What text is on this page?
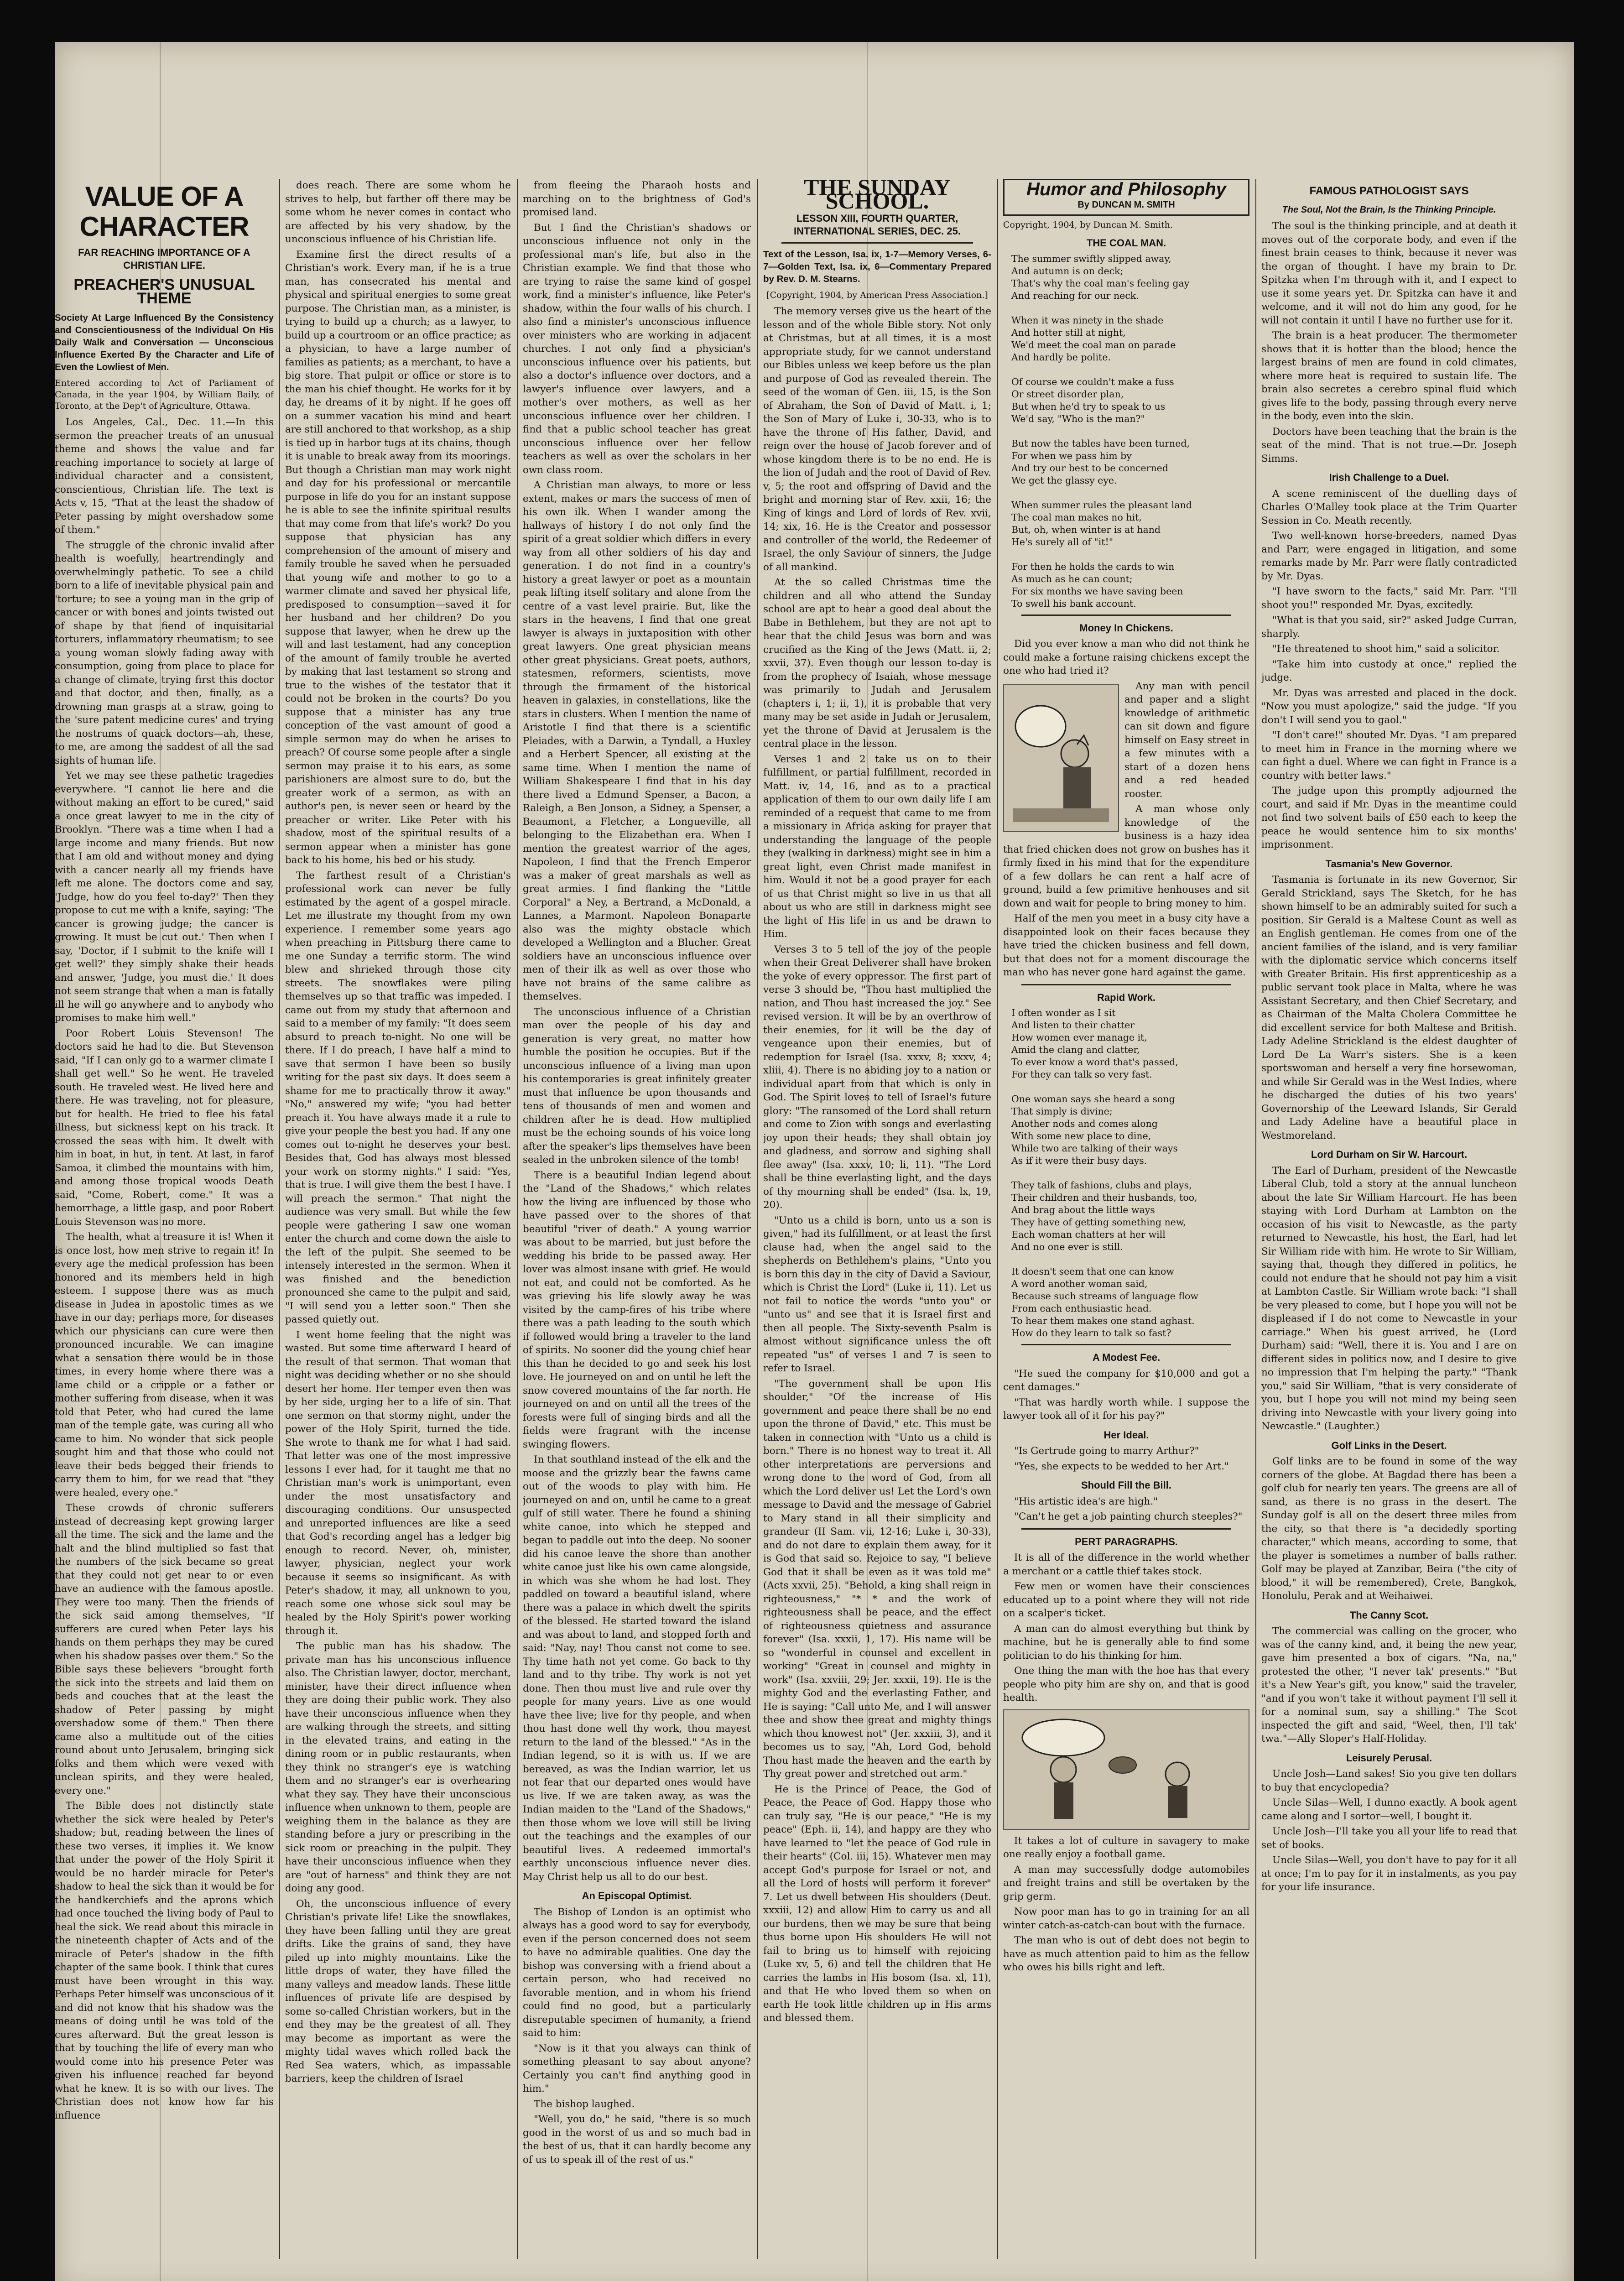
VALUE OF A CHARACTER
FAR REACHING IMPORTANCE OF A CHRISTIAN LIFE.
PREACHER'S UNUSUAL THEME
Society At Large Influenced By the Consistency and Conscientiousness of the Individual On His Daily Walk and Conversation — Unconscious Influence Exerted By the Character and Life of Even the Lowliest of Men.
Entered according to Act of Parliament of Canada, in the year 1904, by William Baily, of Toronto, at the Dep't of Agriculture, Ottawa.

Los Angeles, Cal., Dec. 11.—In this sermon the preacher treats of an unusual theme and shows the value and far reaching importance to society at large of individual character and a consistent, conscientious, Christian life. The text is Acts v, 15, "That at the least the shadow of Peter passing by might overshadow some of them."

The struggle of the chronic invalid after health is woefully, heartrendingly and overwhelmingly pathetic. To see a child born to a life of inevitable physical pain and 'torture; to see a young man in the grip of cancer or with bones and joints twisted out of shape by that fiend of inquisitarial torturers, inflammatory rheumatism; to see a young woman slowly fading away with consumption, going from place to place for a change of climate, trying first this doctor and that doctor, and then, finally, as a drowning man grasps at a straw, going to the 'sure patent medicine cures' and trying the nostrums of quack doctors—ah, these, to me, are among the saddest of all the sad sights of human life.

Yet we may see these pathetic tragedies everywhere. "I cannot lie here and die without making an effort to be cured," said a once great lawyer to me in the city of Brooklyn. "There was a time when I had a large income and many friends. But now that I am old and without money and dying with a cancer nearly all my friends have left me alone. The doctors come and say, 'Judge, how do you feel to-day?' Then they propose to cut me with a knife, saying: 'The cancer is growing judge; the cancer is growing. It must be cut out.' Then when I say, 'Doctor, if I submit to the knife will I get well?' they simply shake their heads and answer, 'Judge, you must die.' It does not seem strange that when a man is fatally ill he will go anywhere and to anybody who promises to make him well."

Poor Robert Louis Stevenson! The doctors said he had to die. But Stevenson said, "If I can only go to a warmer climate I shall get well." So he went. He traveled south. He traveled west. He lived here and there. He was traveling, not for pleasure, but for health. He tried to flee his fatal illness, but sickness kept on his track. It crossed the seas with him. It dwelt with him in boat, in hut, in tent. At last, in farof Samoa, it climbed the mountains with him, and among those tropical woods Death said, "Come, Robert, come." It was a hemorrhage, a little gasp, and poor Robert Louis Stevenson was no more.

The health, what a treasure it is! When it is once lost, how men strive to regain it! In every age the medical profession has been honored and its members held in high esteem. I suppose there was as much disease in Judea in apostolic times as we have in our day; perhaps more, for diseases which our physicians can cure were then pronounced incurable. We can imagine what a sensation there would be in those times, in every home where there was a lame child or a cripple or a father or mother suffering from disease, when it was told that Peter, who had cured the lame man of the temple gate, was curing all who came to him. No wonder that sick people sought him and that those who could not leave their beds begged their friends to carry them to him, for we read that "they were healed, every one."

These crowds of chronic sufferers instead of decreasing kept growing larger all the time. The sick and the lame and the halt and the blind multiplied so fast that the numbers of the sick became so great that they could not get near to or even have an audience with the famous apostle. They were too many. Then the friends of the sick said among themselves, "If sufferers are cured when Peter lays his hands on them perhaps they may be cured when his shadow passes over them." So the Bible says these believers "brought forth the sick into the streets and laid them on beds and couches that at the least the shadow of Peter passing by might overshadow some of them." Then there came also a multitude out of the cities round about unto Jerusalem, bringing sick folks and them which were vexed with unclean spirits, and they were healed, every one."

The Bible does not distinctly state whether the sick were healed by Peter's shadow; but, reading between the lines of these two verses, it implies it. We know that under the power of the Holy Spirit it would be no harder miracle for Peter's shadow to heal the sick than it would be for the handkerchiefs and the aprons which had once touched the living body of Paul to heal the sick. We read about this miracle in the nineteenth chapter of Acts and of the miracle of Peter's shadow in the fifth chapter of the same book. I think that cures must have been wrought in this way. Perhaps Peter himself was unconscious of it and did not know that his shadow was the means of doing until he was told of the cures afterward. But the great lesson is that by touching the life of every man who would come into his presence Peter was given his influence reached far beyond what he knew. It is so with our lives. The Christian does not know how far his influence

does reach. There are some whom he strives to help, but farther off there may be some whom he never comes in contact who are affected by his very shadow, by the unconscious influence of his Christian life.

Examine first the direct results of a Christian's work. Every man, if he is a true man, has consecrated his mental and physical and spiritual energies to some great purpose. The Christian man, as a minister, is trying to build up a church; as a lawyer, to build up a courtroom or an office practice; as a physician, to have a large number of families as patients; as a merchant, to have a big store. That pulpit or office or store is to the man his chief thought. He works for it by day, he dreams of it by night. If he goes off on a summer vacation his mind and heart are still anchored to that workshop, as a ship is tied up in harbor tugs at its chains, though it is unable to break away from its moorings. But though a Christian man may work night and day for his professional or mercantile purpose in life do you for an instant suppose he is able to see the infinite spiritual results that may come from that life's work? Do you suppose that physician has any comprehension of the amount of misery and family trouble he saved when he persuaded that young wife and mother to go to a warmer climate and saved her physical life, predisposed to consumption—saved it for her husband and her children? Do you suppose that lawyer, when he drew up the will and last testament, had any conception of the amount of family trouble he averted by making that last testament so strong and true to the wishes of the testator that it could not be broken in the courts? Do you suppose that a minister has any true conception of the vast amount of good a simple sermon may do when he arises to preach? Of course some people after a single sermon may praise it to his ears, as some parishioners are almost sure to do, but the greater work of a sermon, as with an author's pen, is never seen or heard by the preacher or writer. Like Peter with his shadow, most of the spiritual results of a sermon appear when a minister has gone back to his home, his bed or his study.

The farthest result of a Christian's professional work can never be fully estimated by the agent of a gospel miracle. Let me illustrate my thought from my own experience. I remember some years ago when preaching in Pittsburg there came to me one Sunday a terrific storm. The wind blew and shrieked through those city streets. The snowflakes were piling themselves up so that traffic was impeded. I came out from my study that afternoon and said to a member of my family: "It does seem absurd to preach to-night. No one will be there. If I do preach, I have half a mind to save that sermon I have been so busily writing for the past six days. It does seem a shame for me to practically throw it away." "No," answered my wife; "you had better preach it. You have always made it a rule to give your people the best you had. If any one comes out to-night he deserves your best. Besides that, God has always most blessed your work on stormy nights." I said: "Yes, that is true. I will give them the best I have. I will preach the sermon." That night the audience was very small. But while the few people were gathering I saw one woman enter the church and come down the aisle to the left of the pulpit. She seemed to be intensely interested in the sermon. When it was finished and the benediction pronounced she came to the pulpit and said, "I will send you a letter soon." Then she passed quietly out.

I went home feeling that the night was wasted. But some time afterward I heard of the result of that sermon. That woman that night was deciding whether or no she should desert her home. Her temper even then was by her side, urging her to a life of sin. That one sermon on that stormy night, under the power of the Holy Spirit, turned the tide. She wrote to thank me for what I had said. That letter was one of the most impressive lessons I ever had, for it taught me that no Christian man's work is unimportant, even under the most unsatisfactory and discouraging conditions. Our unsuspected and unreported influences are like a seed that God's recording angel has a ledger big enough to record. Never, oh, minister, lawyer, physician, neglect your work because it seems so insignificant. As with Peter's shadow, it may, all unknown to you, reach some one whose sick soul may be healed by the Holy Spirit's power working through it.

The public man has his shadow. The private man has his unconscious influence also. The Christian lawyer, doctor, merchant, minister, have their direct influence when they are doing their public work. They also have their unconscious influence when they are walking through the streets, and sitting in the elevated trains, and eating in the dining room or in public restaurants, when they think no stranger's eye is watching them and no stranger's ear is overhearing what they say. They have their unconscious influence when unknown to them, people are weighing them in the balance as they are standing before a jury or prescribing in the sick room or preaching in the pulpit. They have their unconscious influence when they are "out of harness" and think they are not doing any good.

Oh, the unconscious influence of every Christian's private life! Like the snowflakes, they have been falling until they are great drifts. Like the grains of sand, they have piled up into mighty mountains. Like the little drops of water, they have filled the many valleys and meadow lands. These little influences of private life are despised by some so-called Christian workers, but in the end they may be the greatest of all. They may become as important as were the mighty tidal waves which rolled back the Red Sea waters, which, as impassable barriers, keep the children of Israel

from fleeing the Pharaoh hosts and marching on to the brightness of God's promised land.

But I find the Christian's shadows or unconscious influence not only in the professional man's life, but also in the Christian example. We find that those who are trying to raise the same kind of gospel work, find a minister's influence, like Peter's shadow, within the four walls of his church. I also find a minister's unconscious influence over ministers who are working in adjacent churches. I not only find a physician's unconscious influence over his patients, but also a doctor's influence over doctors, and a lawyer's influence over lawyers, and a mother's over mothers, as well as her unconscious influence over her children. I find that a public school teacher has great unconscious influence over her fellow teachers as well as over the scholars in her own class room.

A Christian man always, to more or less extent, makes or mars the success of men of his own ilk. When I wander among the hallways of history I do not only find the spirit of a great soldier which differs in every way from all other soldiers of his day and generation. I do not find in a country's history a great lawyer or poet as a mountain peak lifting itself solitary and alone from the centre of a vast level prairie. But, like the stars in the heavens, I find that one great lawyer is always in juxtaposition with other great lawyers. One great physician means other great physicians. Great poets, authors, statesmen, reformers, scientists, move through the firmament of the historical heaven in galaxies, in constellations, like the stars in clusters. When I mention the name of Aristotle I find that there is a scientific Pleiades, with a Darwin, a Tyndall, a Huxley and a Herbert Spencer, all existing at the same time. When I mention the name of William Shakespeare I find that in his day there lived a Edmund Spenser, a Bacon, a Raleigh, a Ben Jonson, a Sidney, a Spenser, a Beaumont, a Fletcher, a Longueville, all belonging to the Elizabethan era. When I mention the greatest warrior of the ages, Napoleon, I find that the French Emperor was a maker of great marshals as well as great armies. I find flanking the "Little Corporal" a Ney, a Bertrand, a McDonald, a Lannes, a Marmont. Napoleon Bonaparte also was the mighty obstacle which developed a Wellington and a Blucher. Great soldiers have an unconscious influence over men of their ilk as well as over those who have not brains of the same calibre as themselves.

The unconscious influence of a Christian man over the people of his day and generation is very great, no matter how humble the position he occupies. But if the unconscious influence of a living man upon his contemporaries is great infinitely greater must that influence be upon thousands and tens of thousands of men and women and children after he is dead. How multiplied must be the echoing sounds of his voice long after the speaker's lips themselves have been sealed in the unbroken silence of the tomb!

There is a beautiful Indian legend about the "Land of the Shadows," which relates how the living are influenced by those who have passed over to the shores of that beautiful "river of death." A young warrior was about to be married, but just before the wedding his bride to be passed away. Her lover was almost insane with grief. He would not eat, and could not be comforted. As he was grieving his life slowly away he was visited by the camp-fires of his tribe where there was a path leading to the south which if followed would bring a traveler to the land of spirits. No sooner did the young chief hear this than he decided to go and seek his lost love. He journeyed on and on until he left the snow covered mountains of the far north. He journeyed on and on until all the trees of the forests were full of singing birds and all the fields were fragrant with the incense swinging flowers.

In that southland instead of the elk and the moose and the grizzly bear the fawns came out of the woods to play with him. He journeyed on and on, until he came to a great gulf of still water. There he found a shining white canoe, into which he stepped and began to paddle out into the deep. No sooner did his canoe leave the shore than another white canoe just like his own came alongside, in which was she whom he had lost. They paddled on toward a beautiful island, where there was a palace in which dwelt the spirits of the blessed. He started toward the island and was about to land, and stopped forth and said: "Nay, nay! Thou canst not come to see. Thy time hath not yet come. Go back to thy land and to thy tribe. Thy work is not yet done. Then thou must live and rule over thy people for many years. Live as one would have thee live; live for thy people, and when thou hast done well thy work, thou mayest return to the land of the blessed." "As in the Indian legend, so it is with us. If we are bereaved, as was the Indian warrior, let us not fear that our departed ones would have us live. If we are taken away, as was the Indian maiden to the "Land of the Shadows," then those whom we love will still be living out the teachings and the examples of our beautiful lives. A redeemed immortal's earthly unconscious influence never dies. May Christ help us all to do our best.

An Episcopal Optimist.

The Bishop of London is an optimist who always has a good word to say for everybody, even if the person concerned does not seem to have no admirable qualities. One day the bishop was conversing with a friend about a certain person, who had received no favorable mention, and in whom his friend could find no good, but a particularly disreputable specimen of humanity, a friend said to him:

"Now is it that you always can think of something pleasant to say about anyone? Certainly you can't find anything good in him."

The bishop laughed.

"Well, you do," he said, "there is so much good in the worst of us and so much bad in the best of us, that it can hardly become any of us to speak ill of the rest of us."

THE SUNDAY SCHOOL.
LESSON XIII, FOURTH QUARTER, INTERNATIONAL SERIES, DEC. 25.
Text of the Lesson, Isa. ix, 1-7—Memory Verses, 6-7—Golden Text, Isa. ix, 6—Commentary Prepared by Rev. D. M. Stearns.
[Copyright, 1904, by American Press Association.]

The memory verses give us the heart of the lesson and of the whole Bible story. Not only at Christmas, but at all times, it is a most appropriate study, for we cannot understand our Bibles unless we keep before us the plan and purpose of God as revealed therein. The seed of the woman of Gen. iii, 15, is the Son of Abraham, the Son of David of Matt. i, 1; the Son of Mary of Luke i, 30-33, who is to have the throne of His father, David, and reign over the house of Jacob forever and of whose kingdom there is to be no end. He is the lion of Judah and the root of David of Rev. v, 5; the root and offspring of David and the bright and morning star of Rev. xxii, 16; the King of kings and Lord of lords of Rev. xvii, 14; xix, 16. He is the Creator and possessor and controller of the world, the Redeemer of Israel, the only Saviour of sinners, the Judge of all mankind.

At the so called Christmas time the children and all who attend the Sunday school are apt to hear a good deal about the Babe in Bethlehem, but they are not apt to hear that the child Jesus was born and was crucified as the King of the Jews (Matt. ii, 2; xxvii, 37). Even though our lesson to-day is from the prophecy of Isaiah, whose message was primarily to Judah and Jerusalem (chapters i, 1; ii, 1), it is probable that very many may be set aside in Judah or Jerusalem, yet the throne of David at Jerusalem is the central place in the lesson.

Verses 1 and 2 take us on to their fulfillment, or partial fulfillment, recorded in Matt. iv, 14, 16, and as to a practical application of them to our own daily life I am reminded of a request that came to me from a missionary in Africa asking for prayer that understanding the language of the people they (walking in darkness) might see in him a great light, even Christ made manifest in him. Would it not be a good prayer for each of us that Christ might so live in us that all about us who are still in darkness might see the light of His life in us and be drawn to Him.

Verses 3 to 5 tell of the joy of the people when their Great Deliverer shall have broken the yoke of every oppressor. The first part of verse 3 should be, "Thou hast multiplied the nation, and Thou hast increased the joy." See revised version. It will be by an overthrow of their enemies, for it will be the day of vengeance upon their enemies, but of redemption for Israel (Isa. xxxv, 8; xxxv, 4; xliii, 4). There is no abiding joy to a nation or individual apart from that which is only in God. The Spirit loves to tell of Israel's future glory: "The ransomed of the Lord shall return and come to Zion with songs and everlasting joy upon their heads; they shall obtain joy and gladness, and sorrow and sighing shall flee away" (Isa. xxxv, 10; li, 11). "The Lord shall be thine everlasting light, and the days of thy mourning shall be ended" (Isa. lx, 19, 20).

"Unto us a child is born, unto us a son is given," had its fulfillment, or at least the first clause had, when the angel said to the shepherds on Bethlehem's plains, "Unto you is born this day in the city of David a Saviour, which is Christ the Lord" (Luke ii, 11). Let us not fail to notice the words "unto you" or "unto us" and see that it is Israel first and then all people. The Sixty-seventh Psalm is almost without significance unless the oft repeated "us" of verses 1 and 7 is seen to refer to Israel.

"The government shall be upon His shoulder," "Of the increase of His government and peace there shall be no end upon the throne of David," etc. This must be taken in connection with "Unto us a child is born." There is no honest way to treat it. All other interpretations are perversions and wrong done to the word of God, from all which the Lord deliver us! Let the Lord's own message to David and the message of Gabriel to Mary stand in all their simplicity and grandeur (II Sam. vii, 12-16; Luke i, 30-33), and do not dare to explain them away, for it is God that said so. Rejoice to say, "I believe God that it shall be even as it was told me" (Acts xxvii, 25). "Behold, a king shall reign in righteousness," "* * and the work of righteousness shall be peace, and the effect of righteousness quietness and assurance forever" (Isa. xxxii, 1, 17). His name will be so "wonderful in counsel and excellent in working" "Great in counsel and mighty in work" (Isa. xxviii, 29; Jer. xxxii, 19). He is the mighty God and the everlasting Father, and He is saying: "Call unto Me, and I will answer thee and show thee great and mighty things which thou knowest not" (Jer. xxxiii, 3), and it becomes us to say, "Ah, Lord God, behold Thou hast made the heaven and the earth by Thy great power and stretched out arm."

He is the Prince of Peace, the God of Peace, the Peace of God. Happy those who can truly say, "He is our peace," "He is my peace" (Eph. ii, 14), and happy are they who have learned to "let the peace of God rule in their hearts" (Col. iii, 15). Whatever men may accept God's purpose for Israel or not, and all the Lord of hosts will perform it forever" 7. Let us dwell between His shoulders (Deut. xxxiii, 12) and allow Him to carry us and all our burdens, then we may be sure that being thus borne upon His shoulders He will not fail to bring us to himself with rejoicing (Luke xv, 5, 6) and tell the children that He carries the lambs in His bosom (Isa. xl, 11), and that He who loved them so when on earth He took little children up in His arms and blessed them.

Humor and Philosophy
By DUNCAN M. SMITH
Copyright, 1904, by Duncan M. Smith.
THE COAL MAN.
The summer swiftly slipped away,
And autumn is on deck;
That's why the coal man's feeling gay
And reaching for our neck.

When it was ninety in the shade
And hotter still at night,
We'd meet the coal man on parade
And hardly be polite.

Of course we couldn't make a fuss
Or street disorder plan,
But when he'd try to speak to us
We'd say, "Who is the man?"

But now the tables have been turned,
For when we pass him by
And try our best to be concerned
We get the glassy eye.

When summer rules the pleasant land
The coal man makes no hit,
But, oh, when winter is at hand
He's surely all of "it!"

For then he holds the cards to win
As much as he can count;
For six months we have saving been
To swell his bank account.
Money In Chickens.

Did you ever know a man who did not think he could make a fortune raising chickens except the one who had tried it?

Any man with pencil and paper and a slight knowledge of arithmetic can sit down and figure himself on Easy street in a few minutes with a start of a dozen hens and a red headed rooster.

A man whose only knowledge of the business is a hazy idea that fried chicken does not grow on bushes has it firmly fixed in his mind that for the expenditure of a few dollars he can rent a half acre of ground, build a few primitive henhouses and sit down and wait for people to bring money to him.

Half of the men you meet in a busy city have a disappointed look on their faces because they have tried the chicken business and fell down, but that does not for a moment discourage the man who has never gone hard against the game.

Rapid Work.
I often wonder as I sit
And listen to their chatter
How women ever manage it,
Amid the clang and clatter,
To ever know a word that's passed,
For they can talk so very fast.

One woman says she heard a song
That simply is divine;
Another nods and comes along
With some new place to dine,
While two are talking of their ways
As if it were their busy days.

They talk of fashions, clubs and plays,
Their children and their husbands, too,
And brag about the little ways
They have of getting something new,
Each woman chatters at her will
And no one ever is still.

It doesn't seem that one can know
A word another woman said,
Because such streams of language flow
From each enthusiastic head.
To hear them makes one stand aghast.
How do they learn to talk so fast?
A Modest Fee.

"He sued the company for $10,000 and got a cent damages."

"That was hardly worth while. I suppose the lawyer took all of it for his pay?"

Her Ideal.

"Is Gertrude going to marry Arthur?"

"Yes, she expects to be wedded to her Art."

Should Fill the Bill.

"His artistic idea's are high."

"Can't he get a job painting church steeples?"

PERT PARAGRAPHS.

It is all of the difference in the world whether a merchant or a cattle thief takes stock.

Few men or women have their consciences educated up to a point where they will not ride on a scalper's ticket.

A man can do almost everything but think by machine, but he is generally able to find some politician to do his thinking for him.

One thing the man with the hoe has that every people who pity him are shy on, and that is good health.

It takes a lot of culture in savagery to make one really enjoy a football game.

A man may successfully dodge automobiles and freight trains and still be overtaken by the grip germ.

Now poor man has to go in training for an all winter catch-as-catch-can bout with the furnace.

The man who is out of debt does not begin to have as much attention paid to him as the fellow who owes his bills right and left.

FAMOUS PATHOLOGIST SAYS
The Soul, Not the Brain, Is the Thinking Principle.

The soul is the thinking principle, and at death it moves out of the corporate body, and even if the finest brain ceases to think, because it never was the organ of thought. I have my brain to Dr. Spitzka when I'm through with it, and I expect to use it some years yet. Dr. Spitzka can have it and welcome, and it will not do him any good, for he will not contain it until I have no further use for it.

The brain is a heat producer. The thermometer shows that it is hotter than the blood; hence the largest brains of men are found in cold climates, where more heat is required to sustain life. The brain also secretes a cerebro spinal fluid which gives life to the body, passing through every nerve in the body, even into the skin.

Doctors have been teaching that the brain is the seat of the mind. That is not true.—Dr. Joseph Simms.

Irish Challenge to a Duel.

A scene reminiscent of the duelling days of Charles O'Malley took place at the Trim Quarter Session in Co. Meath recently.

Two well-known horse-breeders, named Dyas and Parr, were engaged in litigation, and some remarks made by Mr. Parr were flatly contradicted by Mr. Dyas.

"I have sworn to the facts," said Mr. Parr. "I'll shoot you!" responded Mr. Dyas, excitedly.

"What is that you said, sir?" asked Judge Curran, sharply.

"He threatened to shoot him," said a solicitor.

"Take him into custody at once," replied the judge.

Mr. Dyas was arrested and placed in the dock. "Now you must apologize," said the judge. "If you don't I will send you to gaol."

"I don't care!" shouted Mr. Dyas. "I am prepared to meet him in France in the morning where we can fight a duel. Where we can fight in France is a country with better laws."

The judge upon this promptly adjourned the court, and said if Mr. Dyas in the meantime could not find two solvent bails of £50 each to keep the peace he would sentence him to six months' imprisonment.

Tasmania's New Governor.

Tasmania is fortunate in its new Governor, Sir Gerald Strickland, says The Sketch, for he has shown himself to be an admirably suited for such a position. Sir Gerald is a Maltese Count as well as an English gentleman. He comes from one of the ancient families of the island, and is very familiar with the diplomatic service which concerns itself with Greater Britain. His first apprenticeship as a public servant took place in Malta, where he was Assistant Secretary, and then Chief Secretary, and as Chairman of the Malta Cholera Committee he did excellent service for both Maltese and British. Lady Adeline Strickland is the eldest daughter of Lord De La Warr's sisters. She is a keen sportswoman and herself a very fine horsewoman, and while Sir Gerald was in the West Indies, where he discharged the duties of his two years' Governorship of the Leeward Islands, Sir Gerald and Lady Adeline have a beautiful place in Westmoreland.

Lord Durham on Sir W. Harcourt.

The Earl of Durham, president of the Newcastle Liberal Club, told a story at the annual luncheon about the late Sir William Harcourt. He has been staying with Lord Durham at Lambton on the occasion of his visit to Newcastle, as the party returned to Newcastle, his host, the Earl, had let Sir William ride with him. He wrote to Sir William, saying that, though they differed in politics, he could not endure that he should not pay him a visit at Lambton Castle. Sir William wrote back: "I shall be very pleased to come, but I hope you will not be displeased if I do not come to Newcastle in your carriage." When his guest arrived, he (Lord Durham) said: "Well, there it is. You and I are on different sides in politics now, and I desire to give no impression that I'm helping the party." "Thank you," said Sir William, "that is very considerate of you, but I hope you will not mind my being seen driving into Newcastle with your livery going into Newcastle." (Laughter.)

Golf Links in the Desert.

Golf links are to be found in some of the way corners of the globe. At Bagdad there has been a golf club for nearly ten years. The greens are all of sand, as there is no grass in the desert. The Sunday golf is all on the desert three miles from the city, so that there is "a decidedly sporting character," which means, according to some, that the player is sometimes a number of balls rather. Golf may be played at Zanzibar, Beira ("the city of blood," it will be remembered), Crete, Bangkok, Honolulu, Perak and at Weihaiwei.

The Canny Scot.

The commercial was calling on the grocer, who was of the canny kind, and, it being the new year, gave him presented a box of cigars. "Na, na," protested the other, "I never tak' presents." "But it's a New Year's gift, you know," said the traveler, "and if you won't take it without payment I'll sell it for a nominal sum, say a shilling." The Scot inspected the gift and said, "Weel, then, I'll tak' twa."—Ally Sloper's Half-Holiday.

Leisurely Perusal.

Uncle Josh—Land sakes! Sio you give ten dollars to buy that encyclopedia?

Uncle Silas—Well, I dunno exactly. A book agent came along and I sortor—well, I bought it.

Uncle Josh—I'll take you all your life to read that set of books.

Uncle Silas—Well, you don't have to pay for it all at once; I'm to pay for it in instalments, as you pay for your life insurance.
